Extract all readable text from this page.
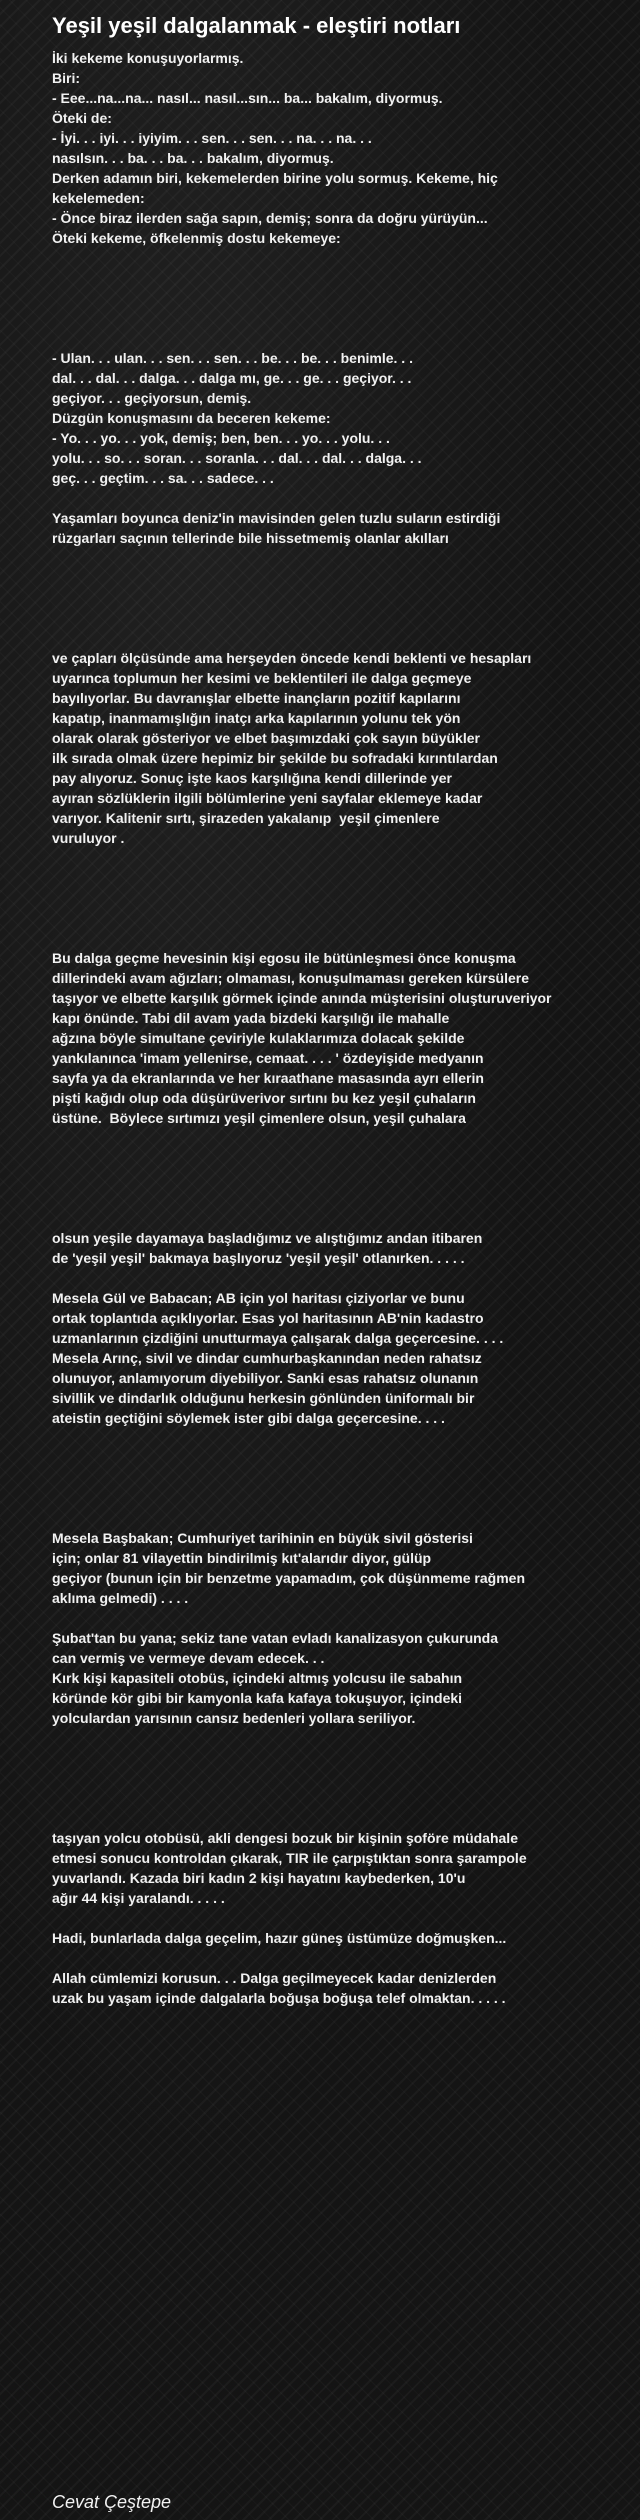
Yeşil yeşil dalgalanmak - eleştiri notları

İki kekeme konuşuyorlarmış.
Biri:
- Eee...na...na... nasıl... nasıl...sın... ba... bakalım, diyormuş.
Öteki de:
- İyi. . . iyi. . . iyiyim. . . sen. . . sen. . . na. . . na. . .
nasılsın. . . ba. . . ba. . . bakalım, diyormuş.
Derken adamın biri, kekemelerden birine yolu sormuş. Kekeme, hiç
kekelemeden:
- Önce biraz ilerden sağa sapın, demiş; sonra da doğru yürüyün...
Öteki kekeme, öfkelenmiş dostu kekemeye:

- Ulan. . . ulan. . . sen. . . sen. . . be. . . be. . . benimle. . .
dal. . . dal. . . dalga. . . dalga mı, ge. . . ge. . . geçiyor. . .
geçiyor. . . geçiyorsun, demiş.
Düzgün konuşmasını da beceren kekeme:
- Yo. . . yo. . . yok, demiş; ben, ben. . . yo. . . yolu. . .
yolu. . . so. . . soran. . . soranla. . . dal. . . dal. . . dalga. . .
geç. . . geçtim. . . sa. . . sadece. . .

Yaşamları boyunca deniz'in mavisinden gelen tuzlu suların estirdiği
rüzgarları saçının tellerinde bile hissetmemiş olanlar akılları

ve çapları ölçüsünde ama herşeyden öncede kendi beklenti ve hesapları
uyarınca toplumun her kesimi ve beklentileri ile dalga geçmeye
bayılıyorlar. Bu davranışlar elbette inançların pozitif kapılarını
kapatıp, inanmamışlığın inatçı arka kapılarının yolunu tek yön
olarak olarak gösteriyor ve elbet başımızdaki çok sayın büyükler
ilk sırada olmak üzere hepimiz bir şekilde bu sofradaki kırıntılardan
pay alıyoruz. Sonuç işte kaos karşılığına kendi dillerinde yer
ayıran sözlüklerin ilgili bölümlerine yeni sayfalar eklemeye kadar
varıyor. Kalitenir sırtı, şirazeden yakalanıp  yeşil çimenlere
vuruluyor .

Bu dalga geçme hevesinin kişi egosu ile bütünleşmesi önce konuşma
dillerindeki avam ağızları; olmaması, konuşulmaması gereken kürsülere
taşıyor ve elbette karşılık görmek içinde anında müşterisini oluşturuveriyor
kapı önünde. Tabi dil avam yada bizdeki karşılığı ile mahalle
ağzına böyle simultane çeviriyle kulaklarımıza dolacak şekilde
yankılanınca 'imam yellenirse, cemaat. . . . ' özdeyişide medyanın
sayfa ya da ekranlarında ve her kıraathane masasında ayrı ellerin
pişti kağıdı olup oda düşürüverivor sırtını bu kez yeşil çuhaların
üstüne.  Böylece sırtımızı yeşil çimenlere olsun, yeşil çuhalara

olsun yeşile dayamaya başladığımız ve alıştığımız andan itibaren
de 'yeşil yeşil' bakmaya başlıyoruz 'yeşil yeşil' otlanırken. . . . .

Mesela Gül ve Babacan; AB için yol haritası çiziyorlar ve bunu
ortak toplantıda açıklıyorlar. Esas yol haritasının AB'nin kadastro
uzmanlarının çizdiğini unutturmaya çalışarak dalga geçercesine. . . .
Mesela Arınç, sivil ve dindar cumhurbaşkanından neden rahatsız
olunuyor, anlamıyorum diyebiliyor. Sanki esas rahatsız olunanın
sivillik ve dindarlık olduğunu herkesin gönlünden üniformalı bir
ateistin geçtiğini söylemek ister gibi dalga geçercesine. . . .

Mesela Başbakan; Cumhuriyet tarihinin en büyük sivil gösterisi
için; onlar 81 vilayettin bindirilmiş kıt'alarıdır diyor, gülüp
geçiyor (bunun için bir benzetme yapamadım, çok düşünmeme rağmen
aklıma gelmedi) . . . .

Şubat'tan bu yana; sekiz tane vatan evladı kanalizasyon çukurunda
can vermiş ve vermeye devam edecek. . .
Kırk kişi kapasiteli otobüs, içindeki altmış yolcusu ile sabahın
köründe kör gibi bir kamyonla kafa kafaya tokuşuyor, içindeki
yolculardan yarısının cansız bedenleri yollara seriliyor.

taşıyan yolcu otobüsü, akli dengesi bozuk bir kişinin şoföre müdahale
etmesi sonucu kontroldan çıkarak, TIR ile çarpıştıktan sonra şarampole
yuvarlandı. Kazada biri kadın 2 kişi hayatını kaybederken, 10'u
ağır 44 kişi yaralandı. . . . .

Hadi, bunlarlada dalga geçelim, hazır güneş üstümüze doğmuşken...

Allah cümlemizi korusun. . . Dalga geçilmeyecek kadar denizlerden
uzak bu yaşam içinde dalgalarla boğuşa boğuşa telef olmaktan. . . . .

Cevat Çeştepe
